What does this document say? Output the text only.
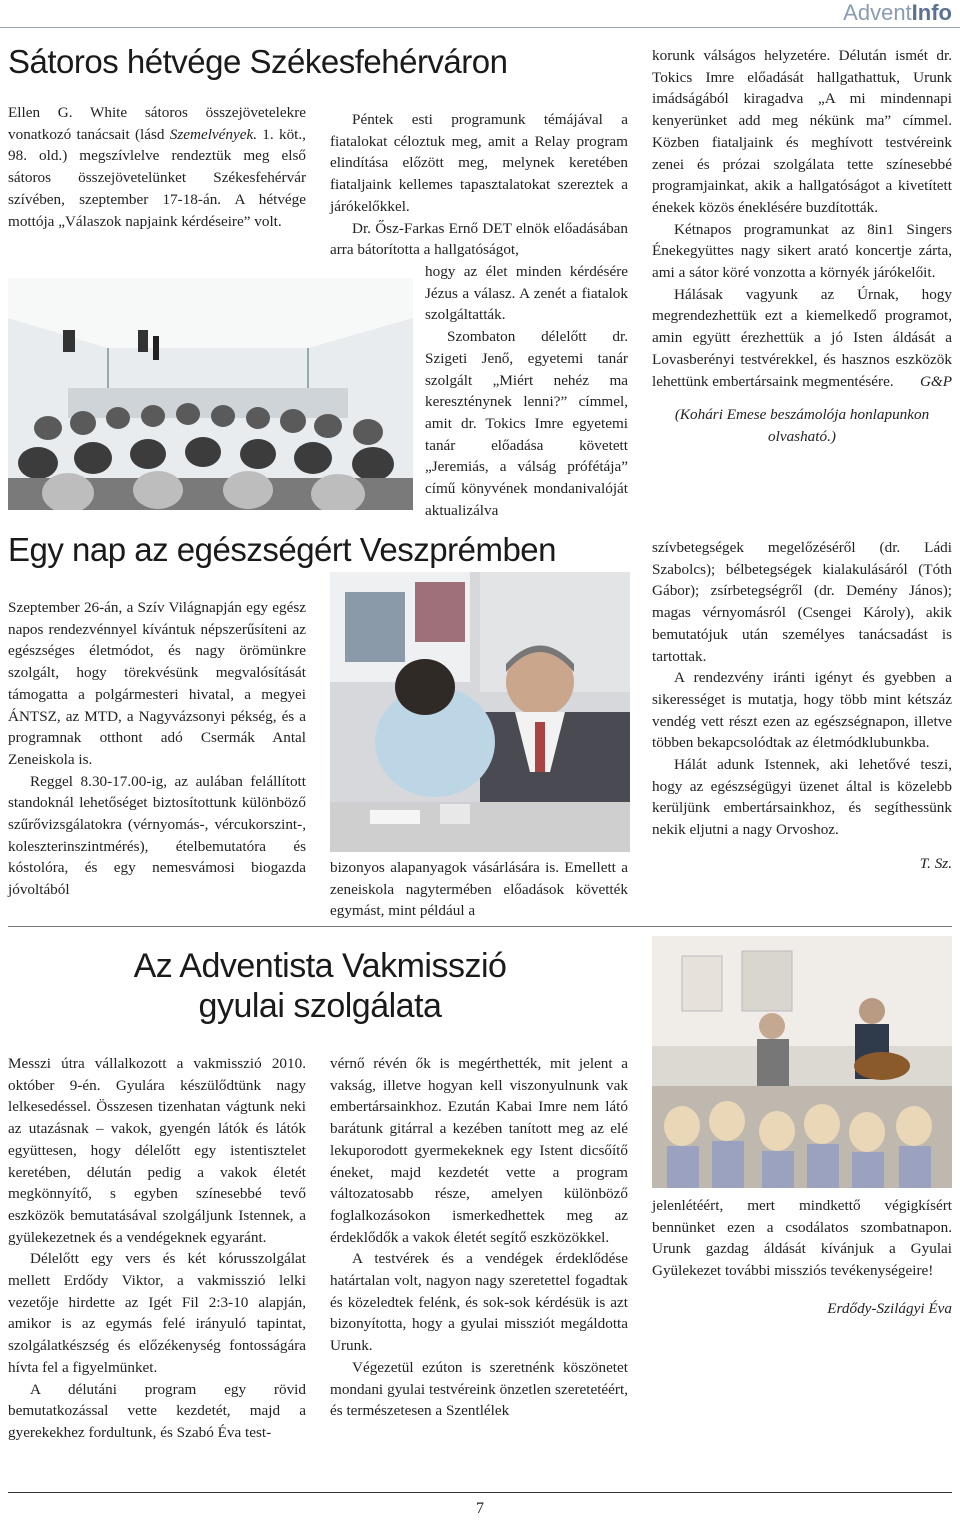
AdventInfo
Sátoros hétvége Székesfehérváron

Ellen G. White sátoros összejövetelekre vonatkozó tanácsait (lásd Szemelvények. 1. köt., 98. old.) megszívlelve rendeztük meg első sátoros összejövetelünket Székesfehérvár szívében, szeptember 17-18-án. A hétvége mottója „Válaszok napjaink kérdéseire” volt.

Péntek esti programunk témájával a fiatalokat céloztuk meg, amit a Relay program elindítása előzött meg, melynek keretében fiataljaink kellemes tapasztalatokat szereztek a járókelőkkel.

Dr. Ősz-Farkas Ernő DET elnök előadásában arra bátorította a hallgatóságot,

hogy az élet minden kérdésére Jézus a válasz. A zenét a fiatalok szolgáltatták.

Szombaton délelőtt dr. Szigeti Jenő, egyetemi tanár szolgált „Miért nehéz ma kereszténynek lenni?” címmel, amit dr. Tokics Imre egyetemi tanár előadása követett „Jeremiás, a válság prófétája” című könyvének mondanivalóját aktualizálva

korunk válságos helyzetére. Délután ismét dr. Tokics Imre előadását hallgathattuk, Urunk imádságából kiragadva „A mi mindennapi kenyerünket add meg nékünk ma” címmel. Közben fiataljaink és meghívott testvéreink zenei és prózai szolgálata tette színesebbé programjainkat, akik a hallgatóságot a kivetített énekek közös éneklésére buzdították.

Kétnapos programunkat az 8in1 Singers Énekegyüttes nagy sikert arató koncertje zárta, ami a sátor köré vonzotta a környék járókelőit.

Hálásak vagyunk az Úrnak, hogy megrendezhettük ezt a kiemelkedő programot, amin együtt érezhettük a jó Isten áldását a Lovasberényi testvérekkel, és hasznos eszközök lehettünk embertársaink megmentésére.	G&P

(Kohári Emese beszámolója honlapunkon olvasható.)

Egy nap az egészségért Veszprémben

Szeptember 26-án, a Szív Világnapján egy egész napos rendezvénnyel kívántuk népszerűsíteni az egészséges életmódot, és nagy örömünkre szolgált, hogy törekvésünk megvalósítását támogatta a polgármesteri hivatal, a megyei ÁNTSZ, az MTD, a Nagyvázsonyi pékség, és a programnak otthont adó Csermák Antal Zeneiskola is.

Reggel 8.30-17.00-ig, az aulában felállított standoknál lehetőséget biztosítottunk különböző szűrővizsgálatokra (vérnyomás-, vércukorszint-, koleszterinszintmérés), ételbemutatóra és kóstolóra, és egy nemesvámosi biogazda jóvoltából

bizonyos alapanyagok vásárlására is. Emellett a zeneiskola nagytermében előadások követték egymást, mint például a

szívbetegségek megelőzéséről (dr. Ládi Szabolcs); bélbetegségek kialakulásáról (Tóth Gábor); zsírbetegségről (dr. Demény János); magas vérnyomásról (Csengei Károly), akik bemutatójuk után személyes tanácsadást is tartottak.

A rendezvény iránti igényt és gyebben a sikerességet is mutatja, hogy több mint kétszáz vendég vett részt ezen az egészségnapon, illetve többen bekapcsolódtak az életmódklubunkba.

Hálát adunk Istennek, aki lehetővé teszi, hogy az egészségügyi üzenet által is közelebb kerüljünk embertársainkhoz, és segíthessünk nekik eljutni a nagy Orvoshoz.

T. Sz.

Az Adventista Vakmisszió
gyulai szolgálata

Messzi útra vállalkozott a vakmisszió 2010. október 9-én. Gyulára készülődtünk nagy lelkesedéssel. Összesen tizenhatan vágtunk neki az utazásnak – vakok, gyengén látók és látók együttesen, hogy délelőtt egy istentisztelet keretében, délután pedig a vakok életét megkönnyítő, s egyben színesebbé tevő eszközök bemutatásával szolgáljunk Istennek, a gyülekezetnek és a vendégeknek egyaránt.

Délelőtt egy vers és két kórusszolgálat mellett Erdődy Viktor, a vakmisszió lelki vezetője hirdette az Igét Fil 2:3-10 alapján, amikor is az egymás felé irányuló tapintat, szolgálatkészség és előzékenység fontosságára hívta fel a figyelmünket.

A délutáni program egy rövid bemutatkozással vette kezdetét, majd a gyerekekhez fordultunk, és Szabó Éva test-

vérnő révén ők is megérthették, mit jelent a vakság, illetve hogyan kell viszonyulnunk vak embertársainkhoz. Ezután Kabai Imre nem látó barátunk gitárral a kezében tanított meg az elé lekuporodott gyermekeknek egy Istent dicsőítő éneket, majd kezdetét vette a program változatosabb része, amelyen különböző foglalkozásokon ismerkedhettek meg az érdeklődők a vakok életét segítő eszközökkel.

A testvérek és a vendégek érdeklődése határtalan volt, nagyon nagy szeretettel fogadtak és közeledtek felénk, és sok-sok kérdésük is azt bizonyította, hogy a gyulai missziót megáldotta Urunk.

Végezetül ezúton is szeretnénk köszönetet mondani gyulai testvéreink önzetlen szeretetéért, és természetesen a Szentlélek

jelenlétéért, mert mindkettő végigkísért bennünket ezen a csodálatos szombatnapon. Urunk gazdag áldását kívánjuk a Gyulai Gyülekezet további missziós tevékenységeire!

Erdődy-Szilágyi Éva

7
